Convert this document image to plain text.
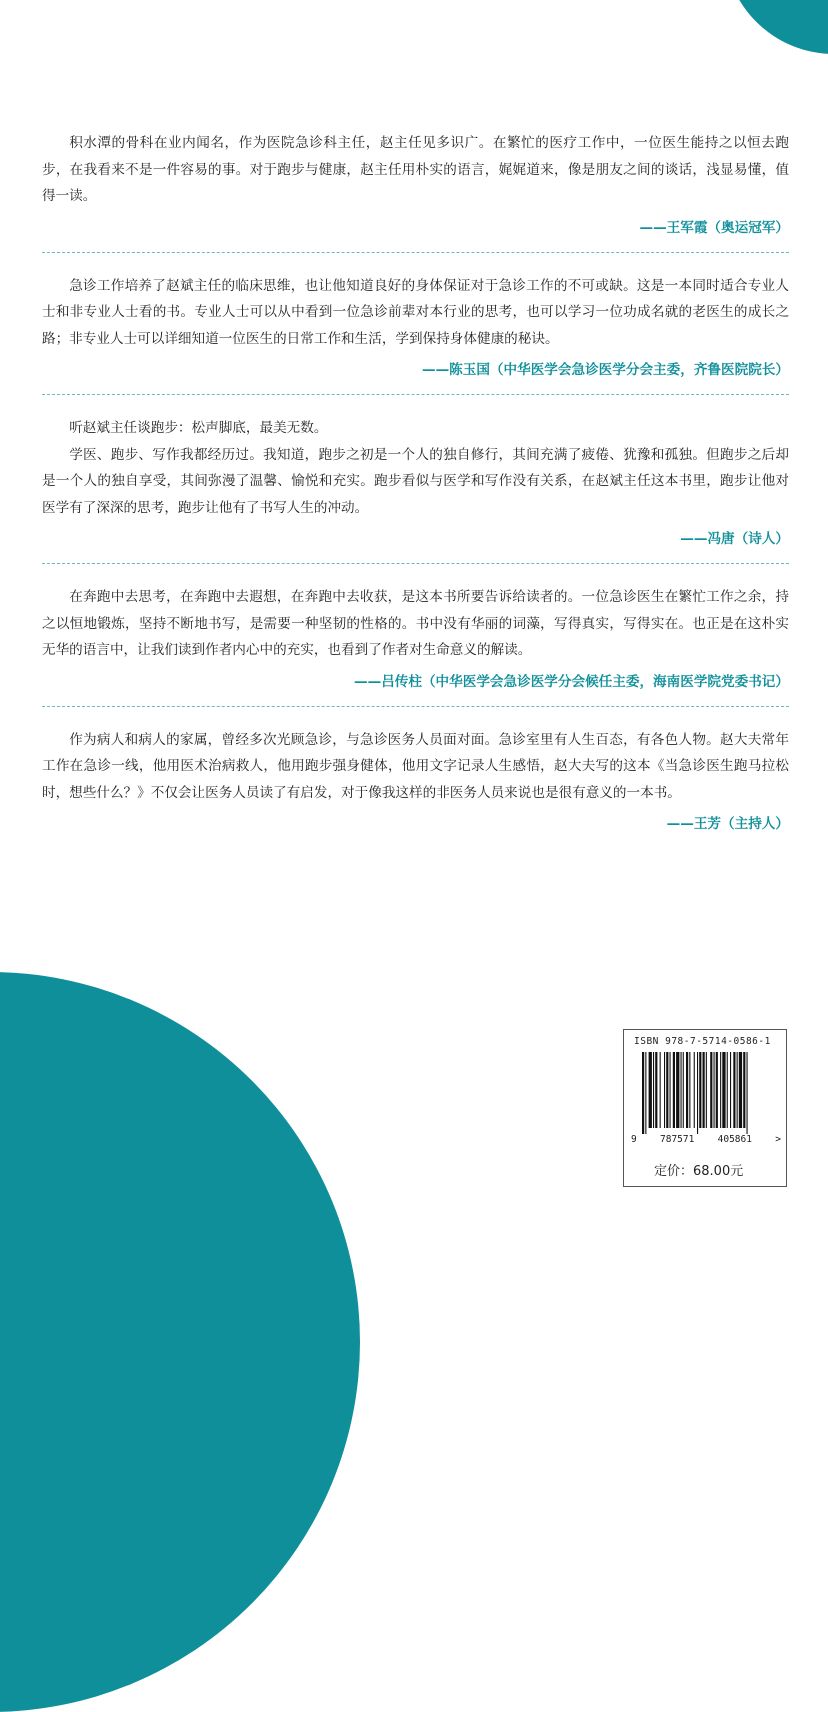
积水潭的骨科在业内闻名，作为医院急诊科主任，赵主任见多识广。在繁忙的医疗工作中，一位医生能持之以恒去跑步，在我看来不是一件容易的事。对于跑步与健康，赵主任用朴实的语言，娓娓道来，像是朋友之间的谈话，浅显易懂，值得一读。

——王军霞（奥运冠军）

急诊工作培养了赵斌主任的临床思维，也让他知道良好的身体保证对于急诊工作的不可或缺。这是一本同时适合专业人士和非专业人士看的书。专业人士可以从中看到一位急诊前辈对本行业的思考，也可以学习一位功成名就的老医生的成长之路；非专业人士可以详细知道一位医生的日常工作和生活，学到保持身体健康的秘诀。

——陈玉国（中华医学会急诊医学分会主委，齐鲁医院院长）

听赵斌主任谈跑步：松声脚底，最美无数。

学医、跑步、写作我都经历过。我知道，跑步之初是一个人的独自修行，其间充满了疲倦、犹豫和孤独。但跑步之后却是一个人的独自享受，其间弥漫了温馨、愉悦和充实。跑步看似与医学和写作没有关系，在赵斌主任这本书里，跑步让他对医学有了深深的思考，跑步让他有了书写人生的冲动。

——冯唐（诗人）

在奔跑中去思考，在奔跑中去遐想，在奔跑中去收获，是这本书所要告诉给读者的。一位急诊医生在繁忙工作之余，持之以恒地锻炼，坚持不断地书写，是需要一种坚韧的性格的。书中没有华丽的词藻，写得真实，写得实在。也正是在这朴实无华的语言中，让我们读到作者内心中的充实，也看到了作者对生命意义的解读。

——吕传柱（中华医学会急诊医学分会候任主委，海南医学院党委书记）

作为病人和病人的家属，曾经多次光顾急诊，与急诊医务人员面对面。急诊室里有人生百态，有各色人物。赵大夫常年工作在急诊一线，他用医术治病救人，他用跑步强身健体，他用文字记录人生感悟，赵大夫写的这本《当急诊医生跑马拉松时，想些什么？》不仅会让医务人员读了有启发，对于像我这样的非医务人员来说也是很有意义的一本书。

——王芳（主持人）
ISBN 978-7-5714-0586-1
9 787571 405861 >
定价：68.00元
